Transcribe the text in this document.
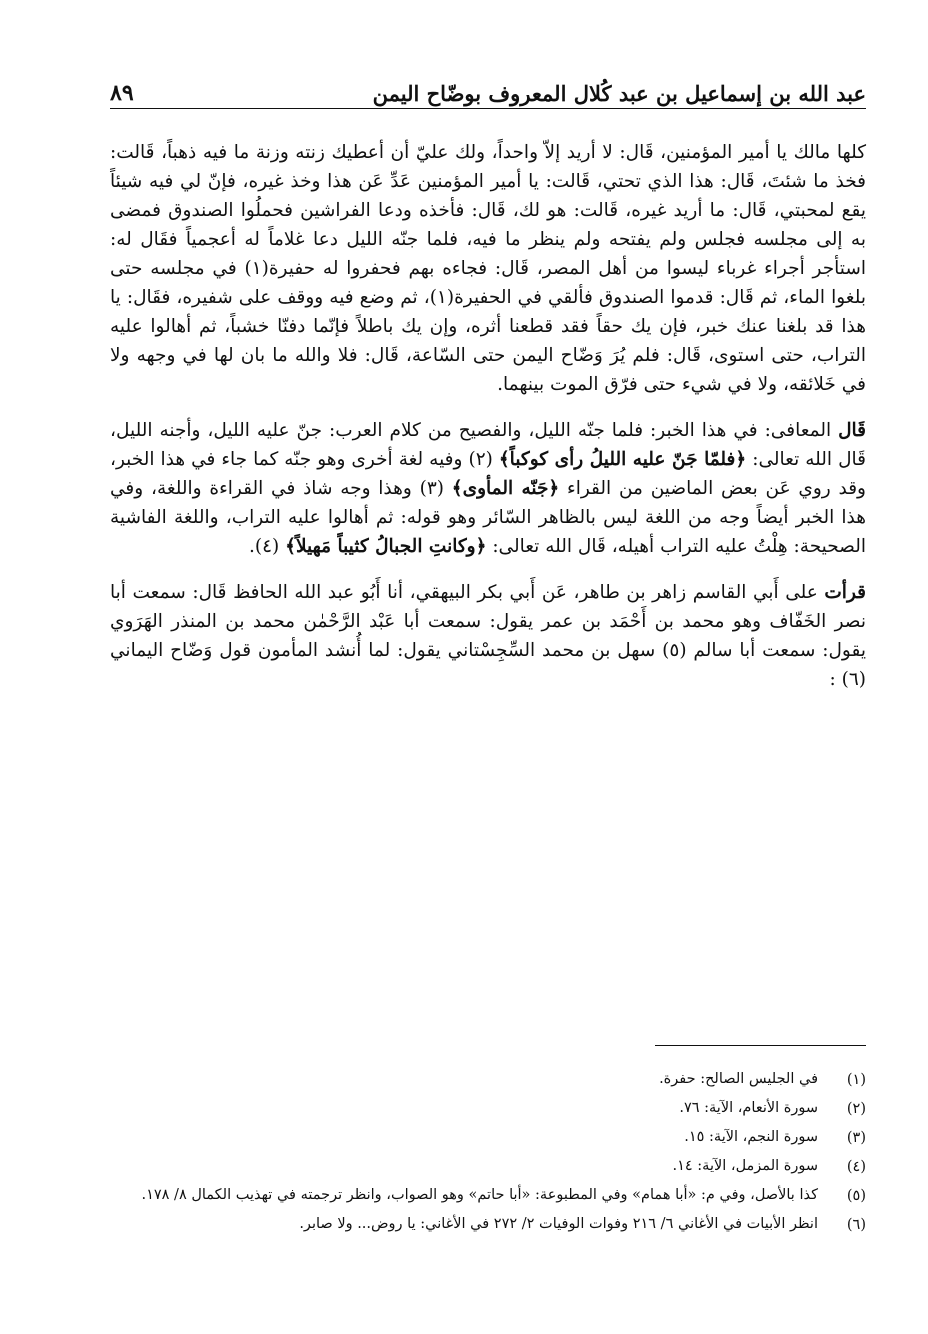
عبد الله بن إسماعيل بن عبد كُلال المعروف بوضّاح اليمن
٨٩

كلها مالك يا أمير المؤمنين، قَال: لا أريد إلاّ واحداً، ولك عليّ أن أعطيك زنته وزنة ما فيه ذهباً، قَالت: فخذ ما شئتَ، قَال: هذا الذي تحتي، قَالت: يا أمير المؤمنين عَدِّ عَن هذا وخذ غيره، فإنّ لي فيه شيئاً يقع لمحبتي، قَال: ما أريد غيره، قَالت: هو لك، قَال: فأخذه ودعا الفراشين فحملُوا الصندوق فمضى به إلى مجلسه فجلس ولم يفتحه ولم ينظر ما فيه، فلما جنّه الليل دعا غلاماً له أعجمياً فقَال له: استأجر أجراء غرباء ليسوا من أهل المصر، قَال: فجاءه بهم فحفروا له حفيرة(١) في مجلسه حتى بلغوا الماء، ثم قَال: قدموا الصندوق فألقي في الحفيرة(١)، ثم وضع فيه ووقف على شفيره، فقَال: يا هذا قد بلغنا عنك خبر، فإن يك حقاً فقد قطعنا أثره، وإن يك باطلاً فإنّما دفنّا خشباً، ثم أهالوا عليه التراب، حتى استوى، قَال: فلم يُرَ وَضّاح اليمن حتى السّاعة، قَال: فلا والله ما بان لها في وجهه ولا في خَلائقه، ولا في شيء حتى فرّق الموت بينهما.

قَال المعافى: في هذا الخبر: فلما جنّه الليل، والفصيح من كلام العرب: جنّ عليه الليل، وأجنه الليل، قَال الله تعالى: ﴿فلمّا جَنّ عليه الليلُ رأى كوكباً﴾ (٢) وفيه لغة أخرى وهو جنّه كما جاء في هذا الخبر، وقد روي عَن بعض الماضين من القراء ﴿جَنّه المأوى﴾ (٣) وهذا وجه شاذ في القراءة واللغة، وفي هذا الخبر أيضاً وجه من اللغة ليس بالظاهر السّائر وهو قوله: ثم أهالوا عليه التراب، واللغة الفاشية الصحيحة: هِلْتُ عليه التراب أهيله، قَال الله تعالى: ﴿وكانتِ الجبالُ كثيباً مَهيلاً﴾ (٤).

قرأت على أَبي القاسم زاهر بن طاهر، عَن أَبي بكر البيهقي، أنا أَبُو عبد الله الحافظ قَال: سمعت أبا نصر الخَفّاف وهو محمد بن أَحْمَد بن عمر يقول: سمعت أبا عَبْد الرَّحْمٰن محمد بن المنذر الهَرَوي يقول: سمعت أبا سالم (٥) سهل بن محمد السِّجِسْتاني يقول: لما أُنشد المأمون قول وَضّاح اليماني (٦) :

(١)
في الجليس الصالح: حفرة.
(٢)
سورة الأنعام، الآية: ٧٦.
(٣)
سورة النجم، الآية: ١٥.
(٤)
سورة المزمل، الآية: ١٤.
(٥)
كذا بالأصل، وفي م: «أبا همام» وفي المطبوعة: «أبا حاتم» وهو الصواب، وانظر ترجمته في تهذيب الكمال ٨/ ١٧٨.
(٦)
انظر الأبيات في الأغاني ٦/ ٢١٦ وفوات الوفيات ٢/ ٢٧٢ في الأغاني: يا روض... ولا صابر.
